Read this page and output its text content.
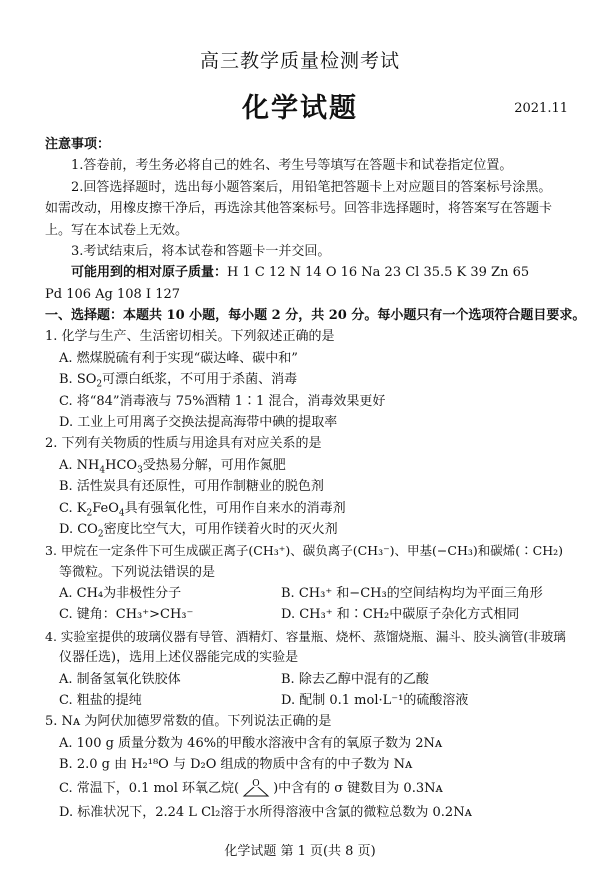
高三教学质量检测考试
化学试题	2021.11
注意事项：
1.答卷前，考生务必将自己的姓名、考生号等填写在答题卡和试卷指定位置。
2.回答选择题时，选出每小题答案后，用铅笔把答题卡上对应题目的答案标号涂黑。
如需改动，用橡皮擦干净后，再选涂其他答案标号。回答非选择题时，将答案写在答题卡
上。写在本试卷上无效。
3.考试结束后，将本试卷和答题卡一并交回。
可能用到的相对原子质量：H 1 C 12 N 14 O 16 Na 23 Cl 35.5 K 39 Zn 65
Pd 106 Ag 108 I 127
一、选择题：本题共 10 小题，每小题 2 分，共 20 分。每小题只有一个选项符合题目要求。
1. 化学与生产、生活密切相关。下列叙述正确的是
A. 燃煤脱硫有利于实现“碳达峰、碳中和”
B. $SO_2$可漂白纸浆，不可用于杀菌、消毒
C. 将“84”消毒液与 75%酒精 1∶1 混合，消毒效果更好
D. 工业上可用离子交换法提高海带中碘的提取率
2. 下列有关物质的性质与用途具有对应关系的是
A. $NH_4HCO_3$受热易分解，可用作氮肥
B. 活性炭具有还原性，可用作制糖业的脱色剂
C. $K_2FeO_4$具有强氧化性，可用作自来水的消毒剂
D. $CO_2$密度比空气大，可用作镁着火时的灭火剂
3. 甲烷在一定条件下可生成碳正离子(CH₃⁺)、碳负离子(CH₃⁻)、甲基(−CH₃)和碳烯(∶CH₂)
等微粒。下列说法错误的是
A. CH₄为非极性分子	B. CH₃⁺ 和−CH₃的空间结构均为平面三角形
C. 键角：CH₃⁺>CH₃⁻	D. CH₃⁺ 和∶CH₂中碳原子杂化方式相同
4. 实验室提供的玻璃仪器有导管、酒精灯、容量瓶、烧杯、蒸馏烧瓶、漏斗、胶头滴管(非玻璃
仪器任选)，选用上述仪器能完成的实验是
A. 制备氢氧化铁胶体	B. 除去乙醇中混有的乙酸
C. 粗盐的提纯	D. 配制 0.1 mol·L⁻¹的硫酸溶液
5. Nᴀ 为阿伏加德罗常数的值。下列说法正确的是
A. 100 g 质量分数为 46%的甲酸水溶液中含有的氧原子数为 2Nᴀ
B. 2.0 g 由 H₂¹⁸O 与 D₂O 组成的物质中含有的中子数为 Nᴀ
C. 常温下，0.1 mol 环氧乙烷( O )中含有的 σ 键数目为 0.3Nᴀ
D. 标准状况下，2.24 L Cl₂溶于水所得溶液中含氯的微粒总数为 0.2Nᴀ
化学试题 第 1 页(共 8 页)
